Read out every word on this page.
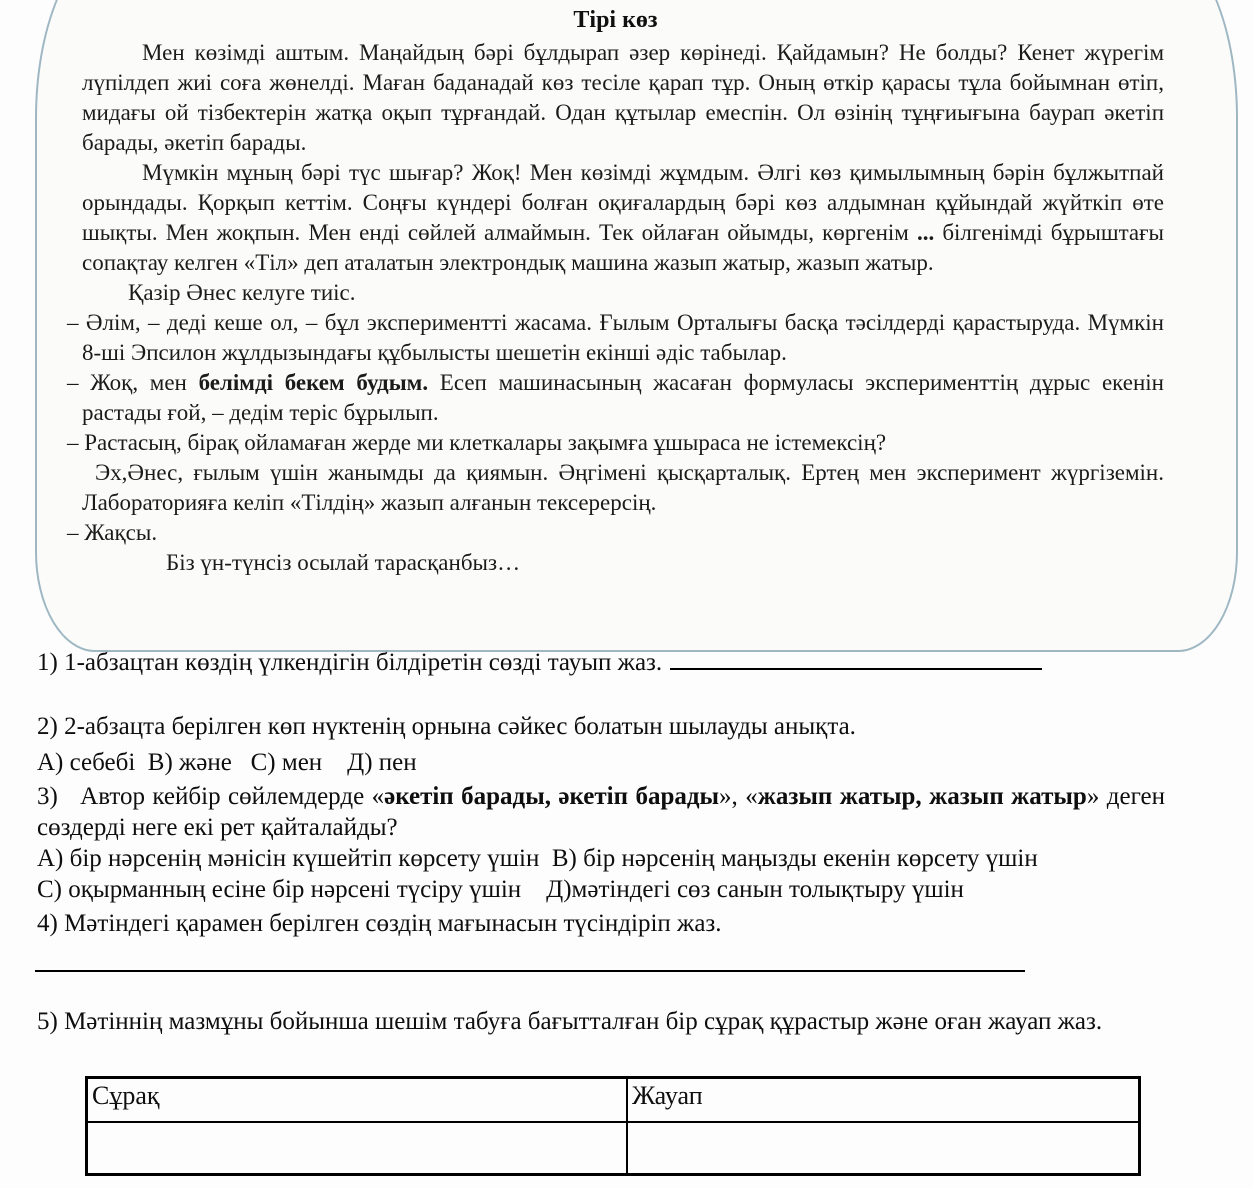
Тірі көз

Мен көзімді аштым. Маңайдың бәрі бұлдырап әзер көрінеді. Қайдамын? Не болды? Кенет жүрегім лүпілдеп жиі соға жөнелді. Маған баданадай көз тесіле қарап тұр. Оның өткір қарасы тұла бойымнан өтіп, мидағы ой тізбектерін жатқа оқып тұрғандай. Одан құтылар емеспін. Ол өзінің тұңғиығына баурап әкетіп барады, әкетіп барады.

Мүмкін мұның бәрі түс шығар? Жоқ! Мен көзімді жұмдым. Әлгі көз қимылымның бәрін бұлжытпай орындады. Қорқып кеттім. Соңғы күндері болған оқиғалардың бәрі көз алдымнан құйындай жүйткіп өте шықты. Мен жоқпын. Мен енді сөйлей алмаймын. Тек ойлаған ойымды, көргенім ... білгенімді бұрыштағы сопақтау келген «Тіл» деп аталатын электрондық машина жазып жатыр, жазып жатыр.

Қазір Әнес келуге тиіс.

– Әлім, – деді кеше ол, – бұл экспериментті жасама. Ғылым Орталығы басқа тәсілдерді қарастыруда. Мүмкін 8-ші Эпсилон жұлдызындағы құбылысты шешетін екінші әдіс табылар.

– Жоқ, мен белімді бекем будым. Есеп машинасының жасаған формуласы эксперименттің дұрыс екенін растады ғой, – дедім теріс бұрылып.

– Растасың, бірақ ойламаған жерде ми клеткалары зақымға ұшыраса не істемексің?

Эх,Әнес, ғылым үшін жанымды да қиямын. Әңгімені қысқарталық. Ертең мен эксперимент жүргіземін. Лабораторияға келіп «Тілдің» жазып алғанын тексерерсің.

– Жақсы.

Біз үн-түнсіз осылай тарасқанбыз…

1) 1-абзацтан көздің үлкендігін білдіретін сөзді тауып жаз.
2) 2-абзацта берілген көп нүктенің орнына сәйкес болатын шылауды анықта.
А) себебі  В) және   С) мен    Д) пен
3)   Автор кейбір сөйлемдерде «әкетіп барады, әкетіп барады», «жазып жатыр, жазып жатыр» деген сөздерді неге екі рет қайталайды?
А) бір нәрсенің мәнісін күшейтіп көрсету үшін  В) бір нәрсенің маңызды екенін көрсету үшін
С) оқырманның есіне бір нәрсені түсіру үшін    Д)мәтіндегі сөз санын толықтыру үшін
4) Мәтіндегі қарамен берілген сөздің мағынасын түсіндіріп жаз.
5) Мәтіннің мазмұны бойынша шешім табуға бағытталған бір сұрақ құрастыр және оған жауап жаз.
Сұрақ	Жауап
